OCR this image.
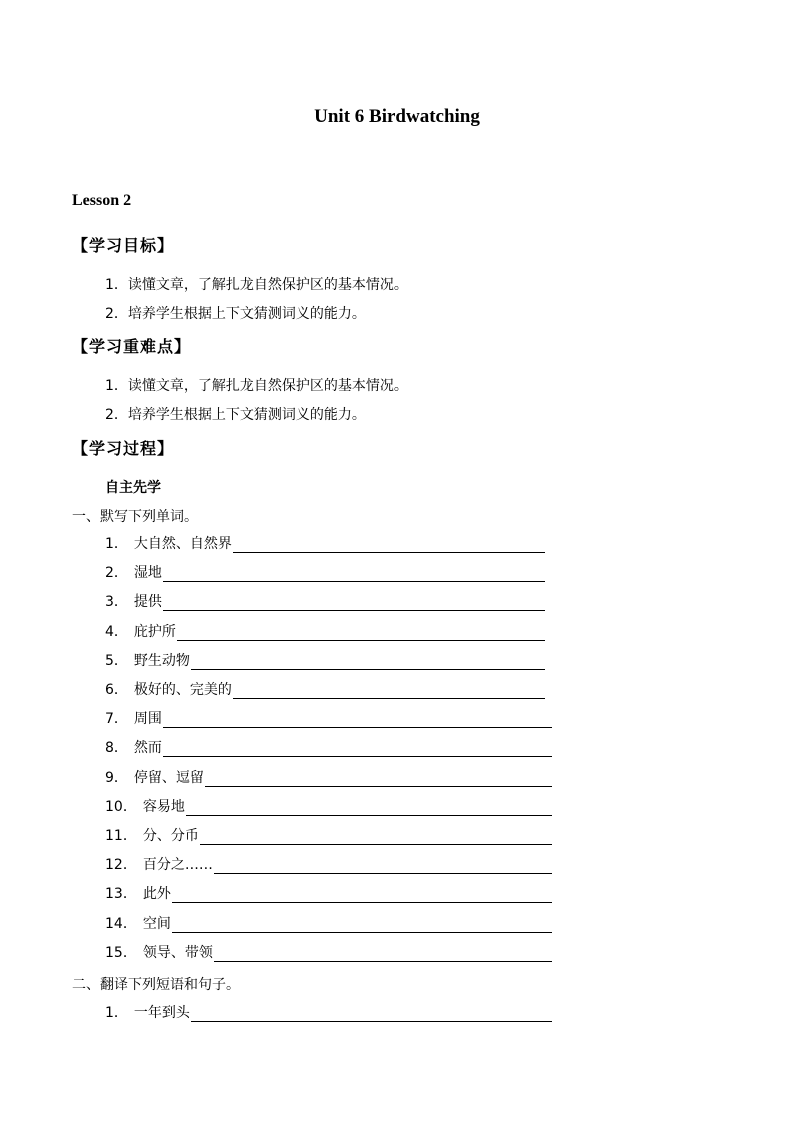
Unit 6 Birdwatching
Lesson 2
【学习目标】
1．读懂文章，了解扎龙自然保护区的基本情况。
2．培养学生根据上下文猜测词义的能力。
【学习重难点】
1．读懂文章，了解扎龙自然保护区的基本情况。
2．培养学生根据上下文猜测词义的能力。
【学习过程】
自主先学
一、默写下列单词。
1． 大自然、自然界
2． 湿地
3． 提供
4． 庇护所
5． 野生动物
6． 极好的、完美的
7． 周围
8． 然而
9． 停留、逗留
10． 容易地
11． 分、分币
12． 百分之……
13． 此外
14． 空间
15． 领导、带领
二、翻译下列短语和句子。
1． 一年到头
